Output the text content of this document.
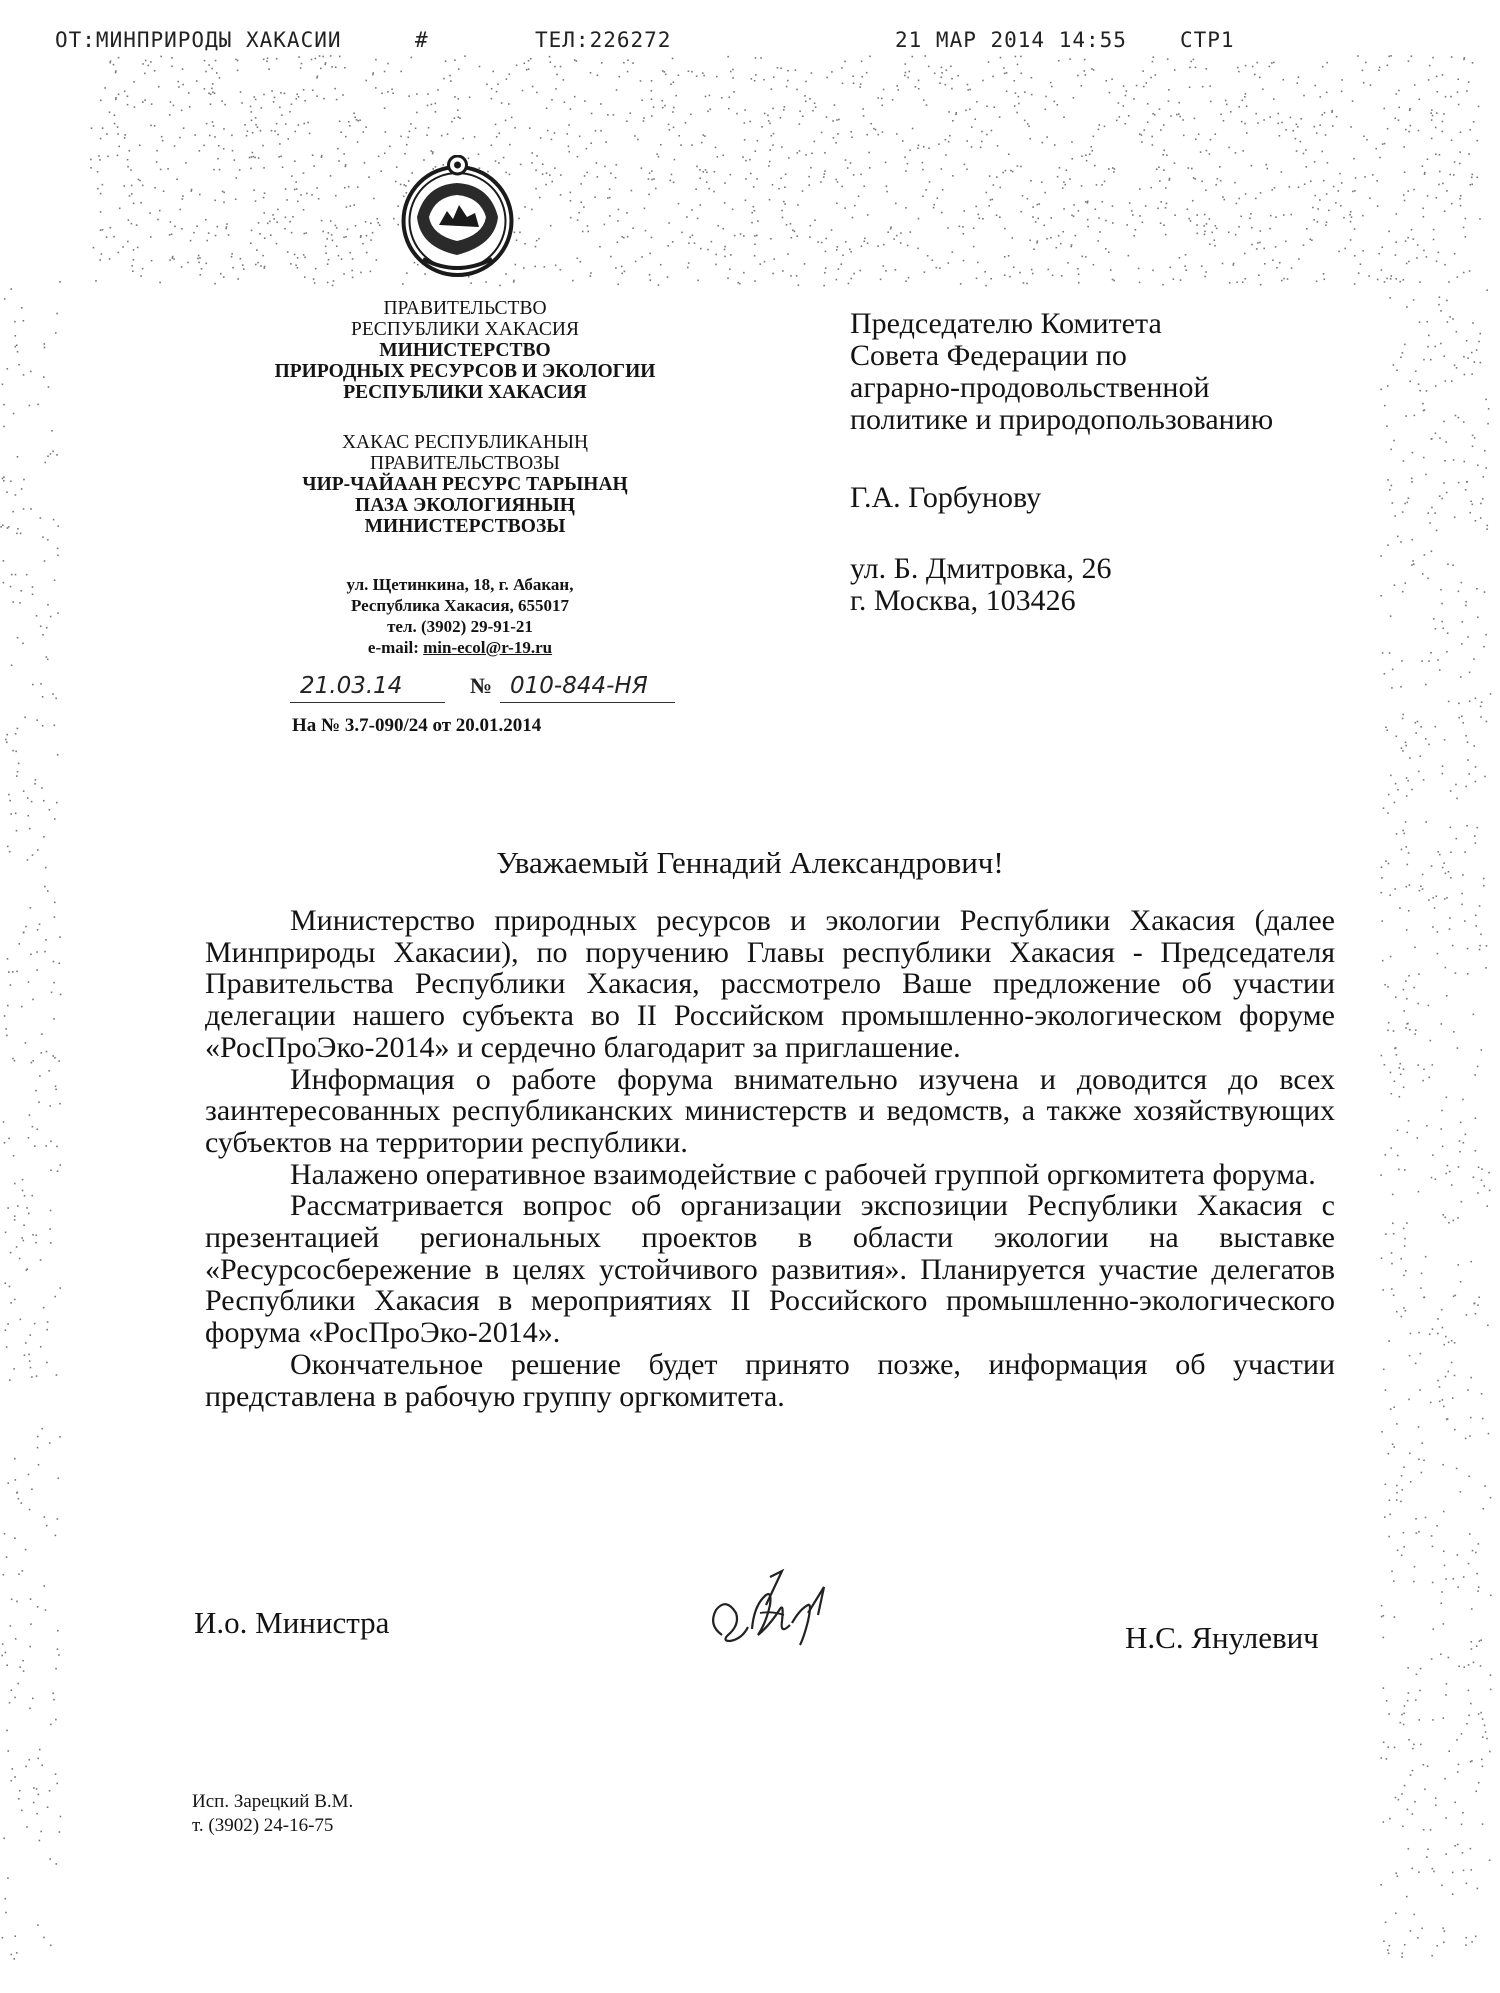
ОТ:МИНПРИРОДЫ ХАКАСИИ	#	ТЕЛ:226272	21 МАР 2014 14:55	СТР1
ПРАВИТЕЛЬСТВО
РЕСПУБЛИКИ ХАКАСИЯ
МИНИСТЕРСТВО
ПРИРОДНЫХ РЕСУРСОВ И ЭКОЛОГИИ
РЕСПУБЛИКИ ХАКАСИЯ
ХАКАС РЕСПУБЛИКАНЫҢ
ПРАВИТЕЛЬСТВОЗЫ
ЧИР-ЧАЙААН РЕСУРС ТАРЫНАҢ
ПАЗА ЭКОЛОГИЯНЫҢ
МИНИСТЕРСТВОЗЫ
ул. Щетинкина, 18, г. Абакан,
Республика Хакасия, 655017
тел. (3902) 29-91-21
e-mail: min-ecol@r-19.ru
21.03.14	№ 010-844-НЯ
На № 3.7-090/24 от 20.01.2014
Председателю Комитета
Совета Федерации по
аграрно-продовольственной
политике и природопользованию
Г.А. Горбунову
ул. Б. Дмитровка, 26
г. Москва, 103426
Уважаемый Геннадий Александрович!

Министерство природных ресурсов и экологии Республики Хакасия (далее Минприроды Хакасии), по поручению Главы республики Хакасия - Председателя Правительства Республики Хакасия, рассмотрело Ваше предложение об участии делегации нашего субъекта во II Российском промышленно-экологическом форуме «РосПроЭко-2014» и сердечно благодарит за приглашение.

Информация о работе форума внимательно изучена и доводится до всех заинтересованных республиканских министерств и ведомств, а также хозяйствующих субъектов на территории республики.

Налажено оперативное взаимодействие с рабочей группой оргкомитета форума.

Рассматривается вопрос об организации экспозиции Республики Хакасия с презентацией региональных проектов в области экологии на выставке «Ресурсосбережение в целях устойчивого развития». Планируется участие делегатов Республики Хакасия в мероприятиях II Российского промышленно-экологического форума «РосПроЭко-2014».

Окончательное решение будет принято позже, информация об участии представлена в рабочую группу оргкомитета.

И.о. Министра	Н.С. Янулевич
Исп. Зарецкий В.М.
т. (3902) 24-16-75
